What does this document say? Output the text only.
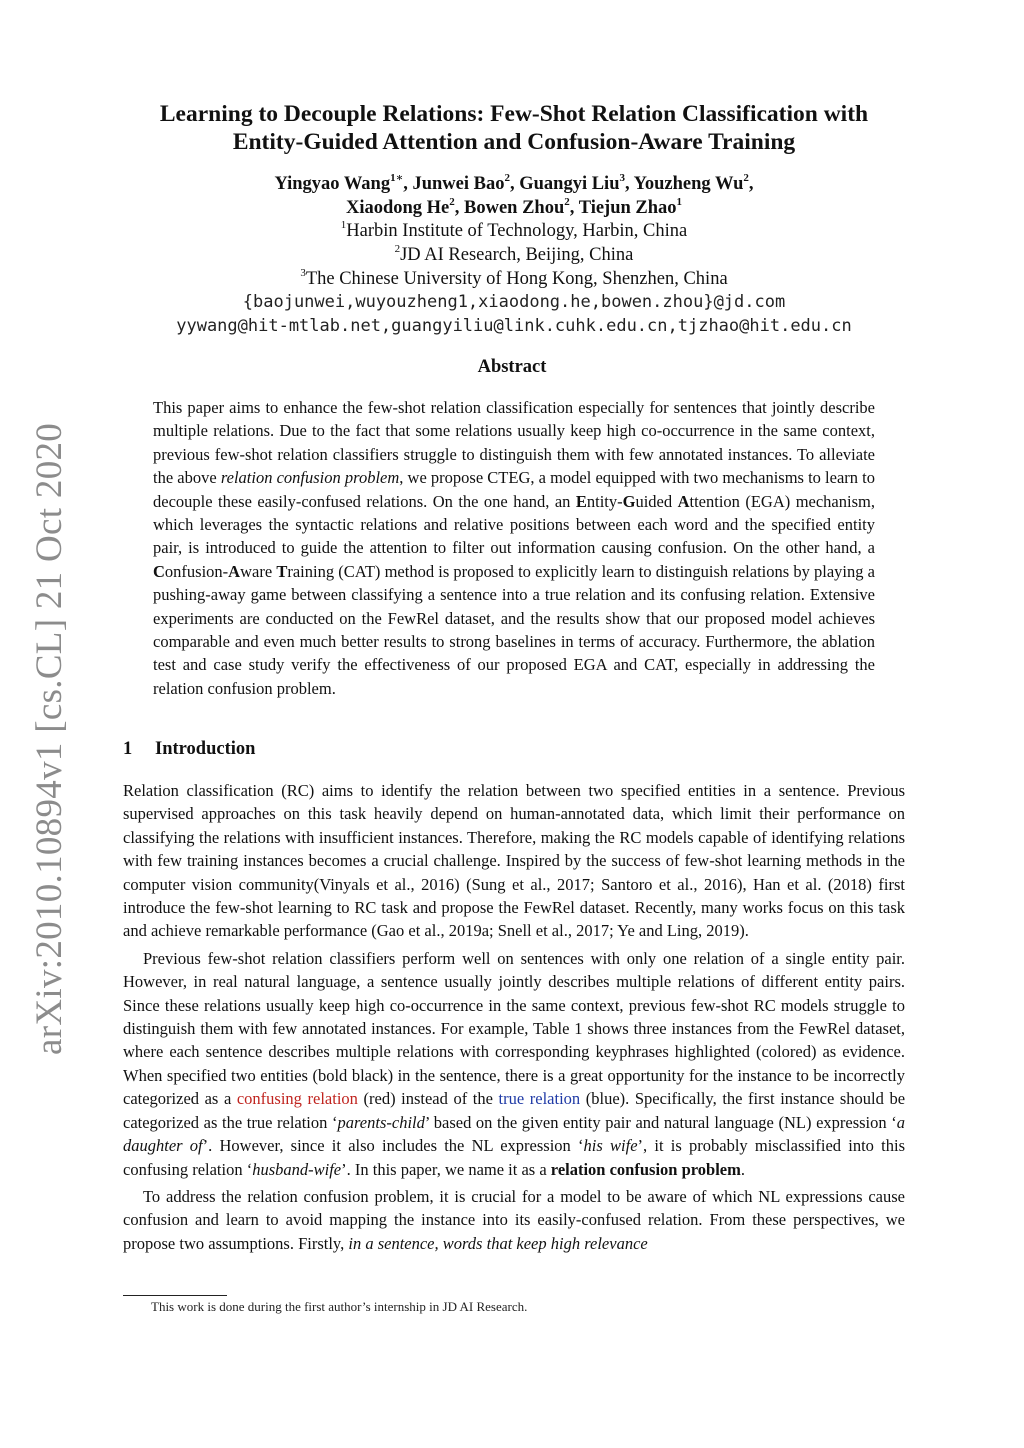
arXiv:2010.10894v1 [cs.CL] 21 Oct 2020
Learning to Decouple Relations: Few-Shot Relation Classification with
Entity-Guided Attention and Confusion-Aware Training
Yingyao Wang$^{1∗}$, Junwei Bao$^2$, Guangyi Liu$^3$, Youzheng Wu$^2$,
Xiaodong He$^2$, Bowen Zhou$^2$, Tiejun Zhao$^1$
$^1$Harbin Institute of Technology, Harbin, China
$^2$JD AI Research, Beijing, China
$^3$The Chinese University of Hong Kong, Shenzhen, China
{baojunwei,wuyouzheng1,xiaodong.he,bowen.zhou}@jd.com
yywang@hit-mtlab.net,guangyiliu@link.cuhk.edu.cn,tjzhao@hit.edu.cn
Abstract

This paper aims to enhance the few-shot relation classification especially for sentences that jointly describe multiple relations. Due to the fact that some relations usually keep high co-occurrence in the same context, previous few-shot relation classifiers struggle to distinguish them with few annotated instances. To alleviate the above relation confusion problem, we propose CTEG, a model equipped with two mechanisms to learn to decouple these easily-confused relations. On the one hand, an Entity-Guided Attention (EGA) mechanism, which leverages the syntactic relations and relative positions between each word and the specified entity pair, is introduced to guide the attention to filter out information causing confusion. On the other hand, a Confusion-Aware Training (CAT) method is proposed to explicitly learn to distinguish relations by playing a pushing-away game between classifying a sentence into a true relation and its confusing relation. Extensive experiments are conducted on the FewRel dataset, and the results show that our proposed model achieves comparable and even much better results to strong baselines in terms of accuracy. Furthermore, the ablation test and case study verify the effectiveness of our proposed EGA and CAT, especially in addressing the relation confusion problem.

1 Introduction

Relation classification (RC) aims to identify the relation between two specified entities in a sentence. Previous supervised approaches on this task heavily depend on human-annotated data, which limit their performance on classifying the relations with insufficient instances. Therefore, making the RC models capable of identifying relations with few training instances becomes a crucial challenge. Inspired by the success of few-shot learning methods in the computer vision community(Vinyals et al., 2016) (Sung et al., 2017; Santoro et al., 2016), Han et al. (2018) first introduce the few-shot learning to RC task and propose the FewRel dataset. Recently, many works focus on this task and achieve remarkable performance (Gao et al., 2019a; Snell et al., 2017; Ye and Ling, 2019).

Previous few-shot relation classifiers perform well on sentences with only one relation of a single entity pair. However, in real natural language, a sentence usually jointly describes multiple relations of different entity pairs. Since these relations usually keep high co-occurrence in the same context, previous few-shot RC models struggle to distinguish them with few annotated instances. For example, Table 1 shows three instances from the FewRel dataset, where each sentence describes multiple relations with corresponding keyphrases highlighted (colored) as evidence. When specified two entities (bold black) in the sentence, there is a great opportunity for the instance to be incorrectly categorized as a confusing relation (red) instead of the true relation (blue). Specifically, the first instance should be categorized as the true relation ‘parents-child’ based on the given entity pair and natural language (NL) expression ‘a daughter of’. However, since it also includes the NL expression ‘his wife’, it is probably misclassified into this confusing relation ‘husband-wife’. In this paper, we name it as a relation confusion problem.

To address the relation confusion problem, it is crucial for a model to be aware of which NL expressions cause confusion and learn to avoid mapping the instance into its easily-confused relation. From these perspectives, we propose two assumptions. Firstly, in a sentence, words that keep high relevance

This work is done during the first author’s internship in JD AI Research.
